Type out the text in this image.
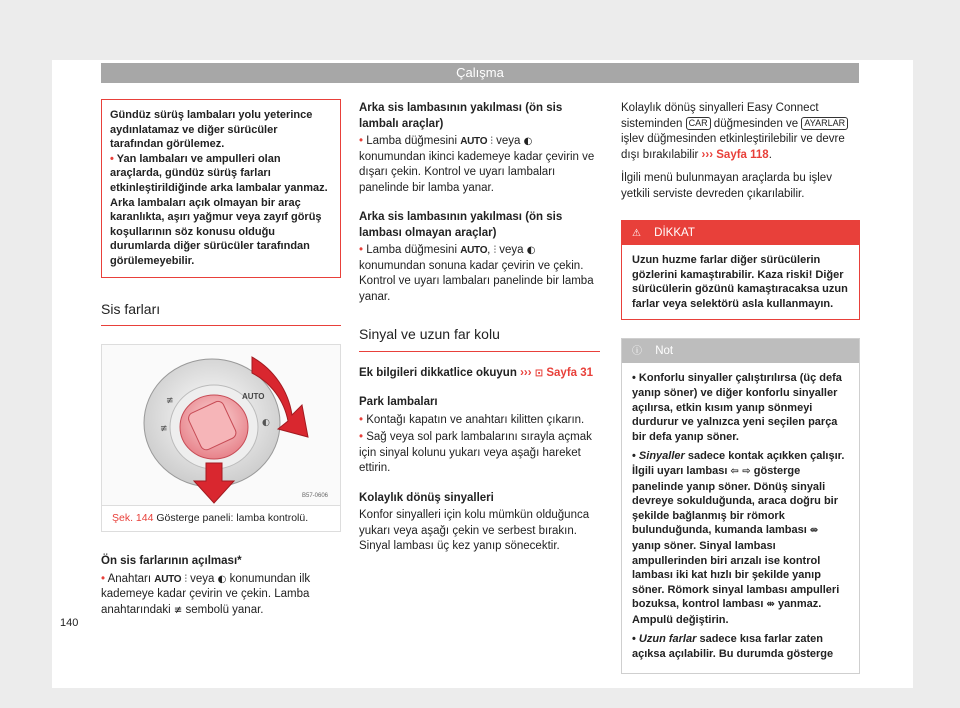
Çalışma

Gündüz sürüş lambaları yolu yeterince aydınlatamaz ve diğer sürücüler tarafından görülemez.

• Yan lambaları ve ampulleri olan araçlarda, gündüz sürüş farları etkinleştirildiğinde arka lambalar yanmaz. Arka lambaları açık olmayan bir araç karanlıkta, aşırı yağmur veya zayıf görüş koşullarının söz konusu olduğu durumlarda diğer sürücüler tarafından görülemeyebilir.

Sis farları
AUTO
≢
≢
◐
B57-0606
Şek. 144 Gösterge paneli: lamba kontrolü.
Ön sis farlarının açılması*
• Anahtarı AUTO ⫶ veya ◐ konumundan ilk kademeye kadar çevirin ve çekin. Lamba anahtarındaki ≢ sembolü yanar.
Arka sis lambasının yakılması (ön sis lambalı araçlar)
• Lamba düğmesini AUTO ⫶ veya ◐ konumundan ikinci kademeye kadar çevirin ve dışarı çekin. Kontrol ve uyarı lambaları panelinde bir lamba yanar.
Arka sis lambasının yakılması (ön sis lambası olmayan araçlar)
• Lamba düğmesini AUTO, ⫶ veya ◐ konumundan sonuna kadar çevirin ve çekin. Kontrol ve uyarı lambaları panelinde bir lamba yanar.
Sinyal ve uzun far kolu
Ek bilgileri dikkatlice okuyun ››› ⊡ Sayfa 31
Park lambaları
• Kontağı kapatın ve anahtarı kilitten çıkarın.
• Sağ veya sol park lambalarını sırayla açmak için sinyal kolunu yukarı veya aşağı hareket ettirin.
Kolaylık dönüş sinyalleri
Konfor sinyalleri için kolu mümkün olduğunca yukarı veya aşağı çekin ve serbest bırakın. Sinyal lambası üç kez yanıp sönecektir.
Kolaylık dönüş sinyalleri Easy Connect sisteminden CAR düğmesinden ve AYARLAR işlev düğmesinden etkinleştirilebilir ve devre dışı bırakılabilir ››› Sayfa 118.
İlgili menü bulunmayan araçlarda bu işlev yetkili serviste devreden çıkarılabilir.
⚠ DİKKAT
Uzun huzme farlar diğer sürücülerin gözlerini kamaştırabilir. Kaza riski! Diğer sürücülerin gözünü kamaştıracaksa uzun farlar veya selektörü asla kullanmayın.
ⓘ Not

• Konforlu sinyaller çalıştırılırsa (üç defa yanıp söner) ve diğer konforlu sinyaller açılırsa, etkin kısım yanıp sönmeyi durdurur ve yalnızca yeni seçilen parça bir defa yanıp söner.

• Sinyaller sadece kontak açıkken çalışır. İlgili uyarı lambası ⇦ ⇨ gösterge panelinde yanıp söner. Dönüş sinyali devreye sokulduğunda, araca doğru bir şekilde bağlanmış bir römork bulunduğunda, kumanda lambası ⇎ yanıp söner. Sinyal lambası ampullerinden biri arızalı ise kontrol lambası iki kat hızlı bir şekilde yanıp söner. Römork sinyal lambası ampulleri bozuksa, kontrol lambası ⇎ yanmaz. Ampulü değiştirin.

• Uzun farlar sadece kısa farlar zaten açıksa açılabilir. Bu durumda gösterge

140
